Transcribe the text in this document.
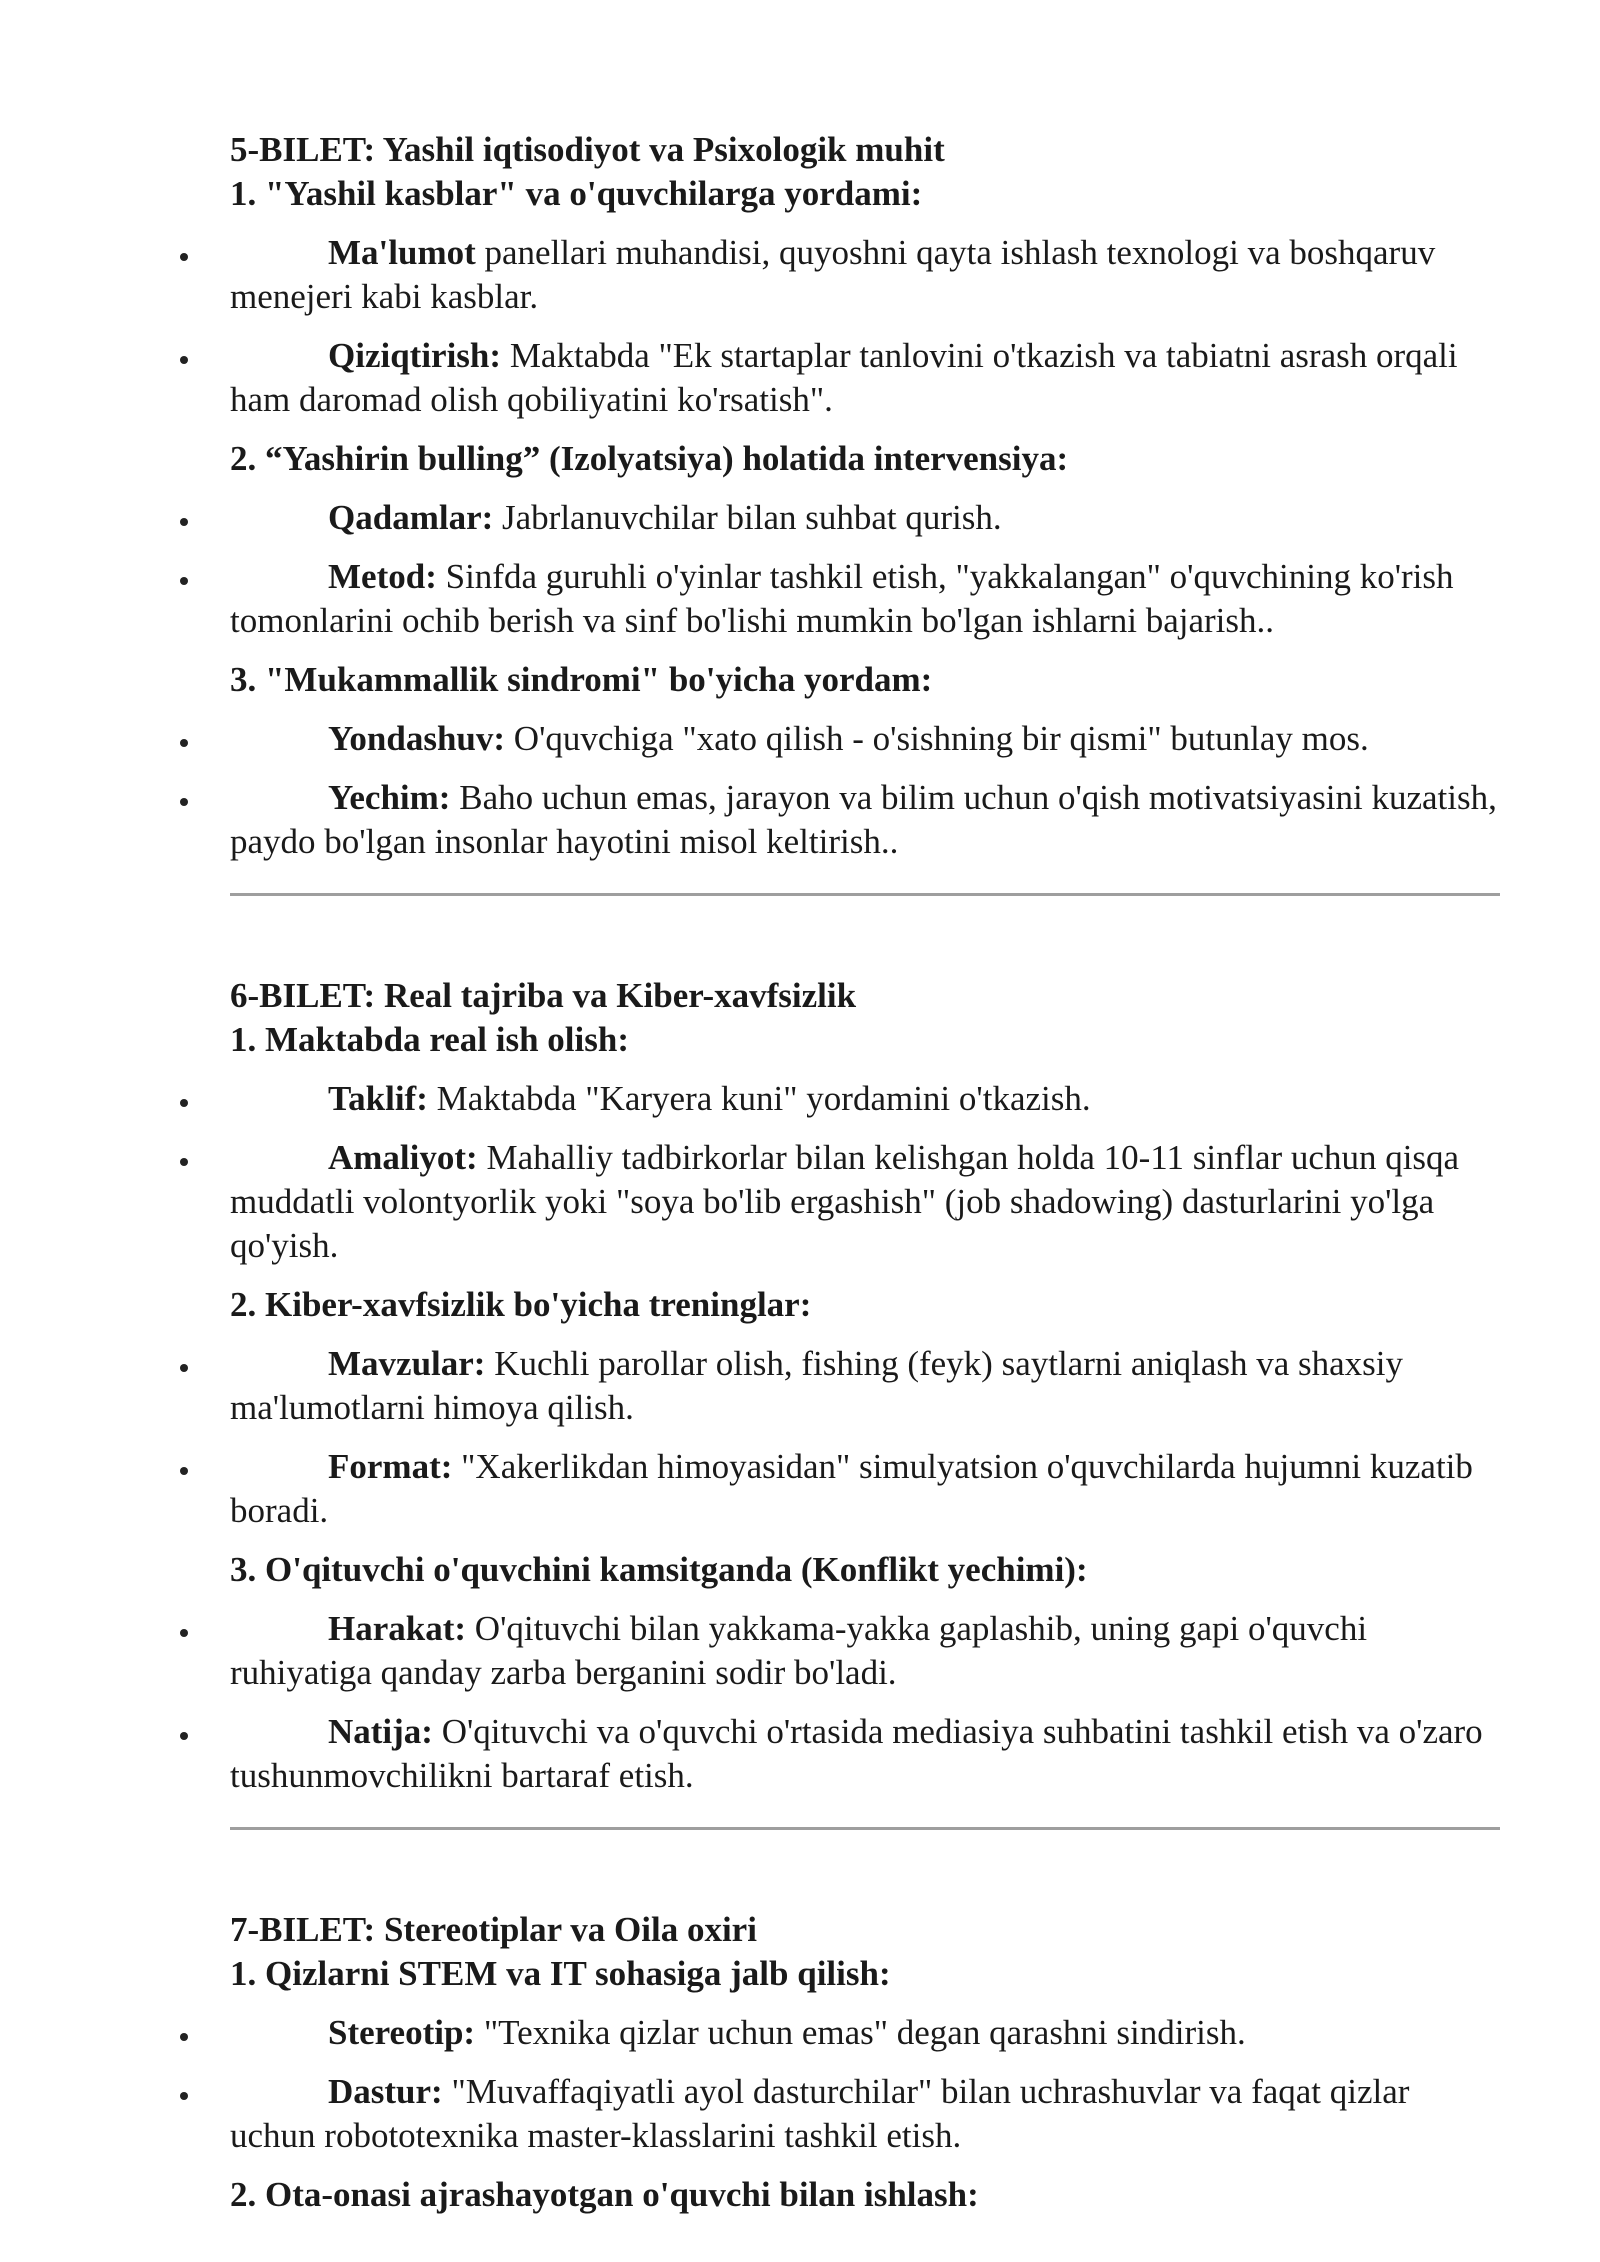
5-BILET: Yashil iqtisodiyot va Psixologik muhit
1. "Yashil kasblar" va o'quvchilarga yordami:
Ma'lumot panellari muhandisi, quyoshni qayta ishlash texnologi va boshqaruv menejeri kabi kasblar.
Qiziqtirish: Maktabda "Ek startaplar tanlovini o'tkazish va tabiatni asrash orqali ham daromad olish qobiliyatini ko'rsatish".
2. “Yashirin bulling” (Izolyatsiya) holatida intervensiya:
Qadamlar: Jabrlanuvchilar bilan suhbat qurish.
Metod: Sinfda guruhli o'yinlar tashkil etish, "yakkalangan" o'quvchining ko'rish tomonlarini ochib berish va sinf bo'lishi mumkin bo'lgan ishlarni bajarish..
3. "Mukammallik sindromi" bo'yicha yordam:
Yondashuv: O'quvchiga "xato qilish - o'sishning bir qismi" butunlay mos.
Yechim: Baho uchun emas, jarayon va bilim uchun o'qish motivatsiyasini kuzatish, paydo bo'lgan insonlar hayotini misol keltirish..
6-BILET: Real tajriba va Kiber-xavfsizlik
1. Maktabda real ish olish:
Taklif: Maktabda "Karyera kuni" yordamini o'tkazish.
Amaliyot: Mahalliy tadbirkorlar bilan kelishgan holda 10-11 sinflar uchun qisqa muddatli volontyorlik yoki "soya bo'lib ergashish" (job shadowing) dasturlarini yo'lga qo'yish.
2. Kiber-xavfsizlik bo'yicha treninglar:
Mavzular: Kuchli parollar olish, fishing (feyk) saytlarni aniqlash va shaxsiy ma'lumotlarni himoya qilish.
Format: "Xakerlikdan himoyasidan" simulyatsion o'quvchilarda hujumni kuzatib boradi.
3. O'qituvchi o'quvchini kamsitganda (Konflikt yechimi):
Harakat: O'qituvchi bilan yakkama-yakka gaplashib, uning gapi o'quvchi ruhiyatiga qanday zarba berganini sodir bo'ladi.
Natija: O'qituvchi va o'quvchi o'rtasida mediasiya suhbatini tashkil etish va o'zaro tushunmovchilikni bartaraf etish.
7-BILET: Stereotiplar va Oila oxiri
1. Qizlarni STEM va IT sohasiga jalb qilish:
Stereotip: "Texnika qizlar uchun emas" degan qarashni sindirish.
Dastur: "Muvaffaqiyatli ayol dasturchilar" bilan uchrashuvlar va faqat qizlar uchun robototexnika master-klasslarini tashkil etish.
2. Ota-onasi ajrashayotgan o'quvchi bilan ishlash:
